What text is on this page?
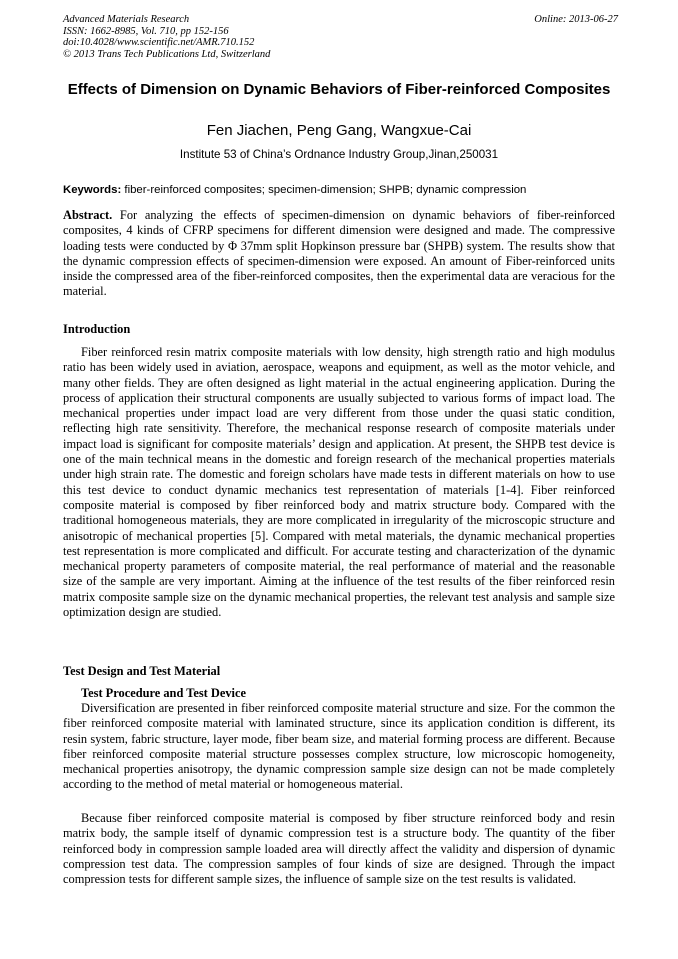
Advanced Materials Research
ISSN: 1662-8985, Vol. 710, pp 152-156
doi:10.4028/www.scientific.net/AMR.710.152
© 2013 Trans Tech Publications Ltd, Switzerland
Online: 2013-06-27
Effects of Dimension on Dynamic Behaviors of Fiber-reinforced Composites
Fen Jiachen, Peng Gang, Wangxue-Cai
Institute 53 of China’s Ordnance Industry Group,Jinan,250031
Keywords: fiber-reinforced composites; specimen-dimension; SHPB; dynamic compression
Abstract. For analyzing the effects of specimen-dimension on dynamic behaviors of fiber-reinforced composites, 4 kinds of CFRP specimens for different dimension were designed and made. The compressive loading tests were conducted by Φ 37mm split Hopkinson pressure bar (SHPB) system. The results show that the dynamic compression effects of specimen-dimension were exposed. An amount of Fiber-reinforced units inside the compressed area of the fiber-reinforced composites, then the experimental data are veracious for the material.
Introduction

Fiber reinforced resin matrix composite materials with low density, high strength ratio and high modulus ratio has been widely used in aviation, aerospace, weapons and equipment, as well as the motor vehicle, and many other fields. They are often designed as light material in the actual engineering application. During the process of application their structural components are usually subjected to various forms of impact load. The mechanical properties under impact load are very different from those under the quasi static condition, reflecting high rate sensitivity. Therefore, the mechanical response research of composite materials under impact load is significant for composite materials’ design and application. At present, the SHPB test device is one of the main technical means in the domestic and foreign research of the mechanical properties materials under high strain rate. The domestic and foreign scholars have made tests in different materials on how to use this test device to conduct dynamic mechanics test representation of materials [1-4]. Fiber reinforced composite material is composed by fiber reinforced body and matrix structure body. Compared with the traditional homogeneous materials, they are more complicated in irregularity of the microscopic structure and anisotropic of mechanical properties [5]. Compared with metal materials, the dynamic mechanical properties test representation is more complicated and difficult. For accurate testing and characterization of the dynamic mechanical property parameters of composite material, the real performance of material and the reasonable size of the sample are very important. Aiming at the influence of the test results of the fiber reinforced resin matrix composite sample size on the dynamic mechanical properties, the relevant test analysis and sample size optimization design are studied.

Test Design and Test Material
Test Procedure and Test Device

Diversification are presented in fiber reinforced composite material structure and size. For the common the fiber reinforced composite material with laminated structure, since its application condition is different, its resin system, fabric structure, layer mode, fiber beam size, and material forming process are different. Because fiber reinforced composite material structure possesses complex structure, low microscopic homogeneity, mechanical properties anisotropy, the dynamic compression sample size design can not be made completely according to the method of metal material or homogeneous material.

Because fiber reinforced composite material is composed by fiber structure reinforced body and resin matrix body, the sample itself of dynamic compression test is a structure body. The quantity of the fiber reinforced body in compression sample loaded area will directly affect the validity and dispersion of dynamic compression test data. The compression samples of four kinds of size are designed. Through the impact compression tests for different sample sizes, the influence of sample size on the test results is validated.
